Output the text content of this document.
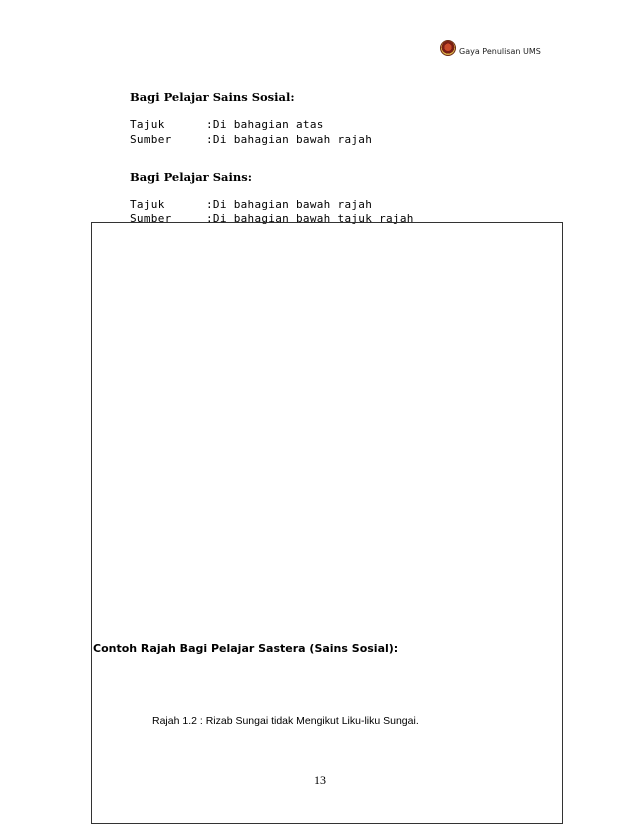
Gaya Penulisan UMS
Bagi Pelajar Sains Sosial:
Tajuk	:Di bahagian atas
Sumber	:Di bahagian bawah rajah
Bagi Pelajar Sains:
Tajuk	:Di bahagian bawah rajah
Sumber	:Di bahagian bawah tajuk rajah
Contoh Rajah Bagi Pelajar Sastera (Sains Sosial):
Rajah 1.2 : Rizab Sungai tidak Mengikut Liku-liku Sungai.
13
